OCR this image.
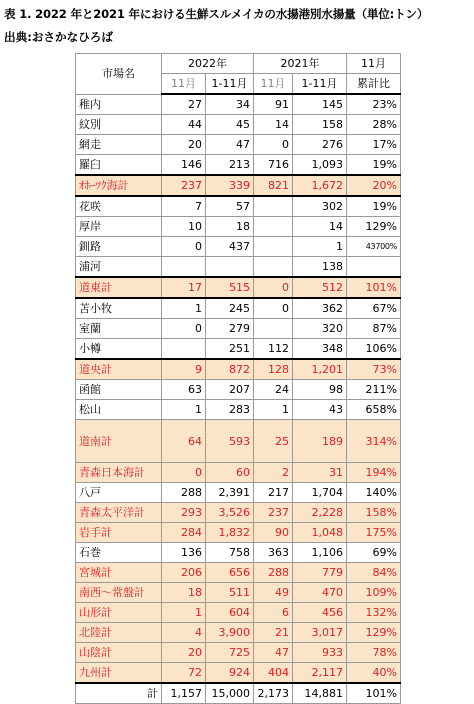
表 1. 2022 年と2021 年における生鮮スルメイカの水揚港別水揚量（単位:トン）
出典:おさかなひろば
市場名	2022年		2021年		11月
	11月	1-11月	11月	1-11月	累計比
稚内	27	34	91	145	23%
紋別	44	45	14	158	28%
網走	20	47	0	276	17%
羅臼	146	213	716	1,093	19%
ｵﾎｰﾂｸ海計	237	339	821	1,672	20%
花咲	7	57		302	19%
厚岸	10	18		14	129%
釧路	0	437		1	43700%
浦河				138	
道東計	17	515	0	512	101%
苫小牧	1	245	0	362	67%
室蘭	0	279		320	87%
小樽		251	112	348	106%
道央計	9	872	128	1,201	73%
函館	63	207	24	98	211%
松山	1	283	1	43	658%
道南計	64	593	25	189	314%
青森日本海計	0	60	2	31	194%
八戸	288	2,391	217	1,704	140%
青森太平洋計	293	3,526	237	2,228	158%
岩手計	284	1,832	90	1,048	175%
石巻	136	758	363	1,106	69%
宮城計	206	656	288	779	84%
南西～常盤計	18	511	49	470	109%
山形計	1	604	6	456	132%
北陸計	4	3,900	21	3,017	129%
山陰計	20	725	47	933	78%
九州計	72	924	404	2,117	40%
計	1,157	15,000	2,173	14,881	101%
